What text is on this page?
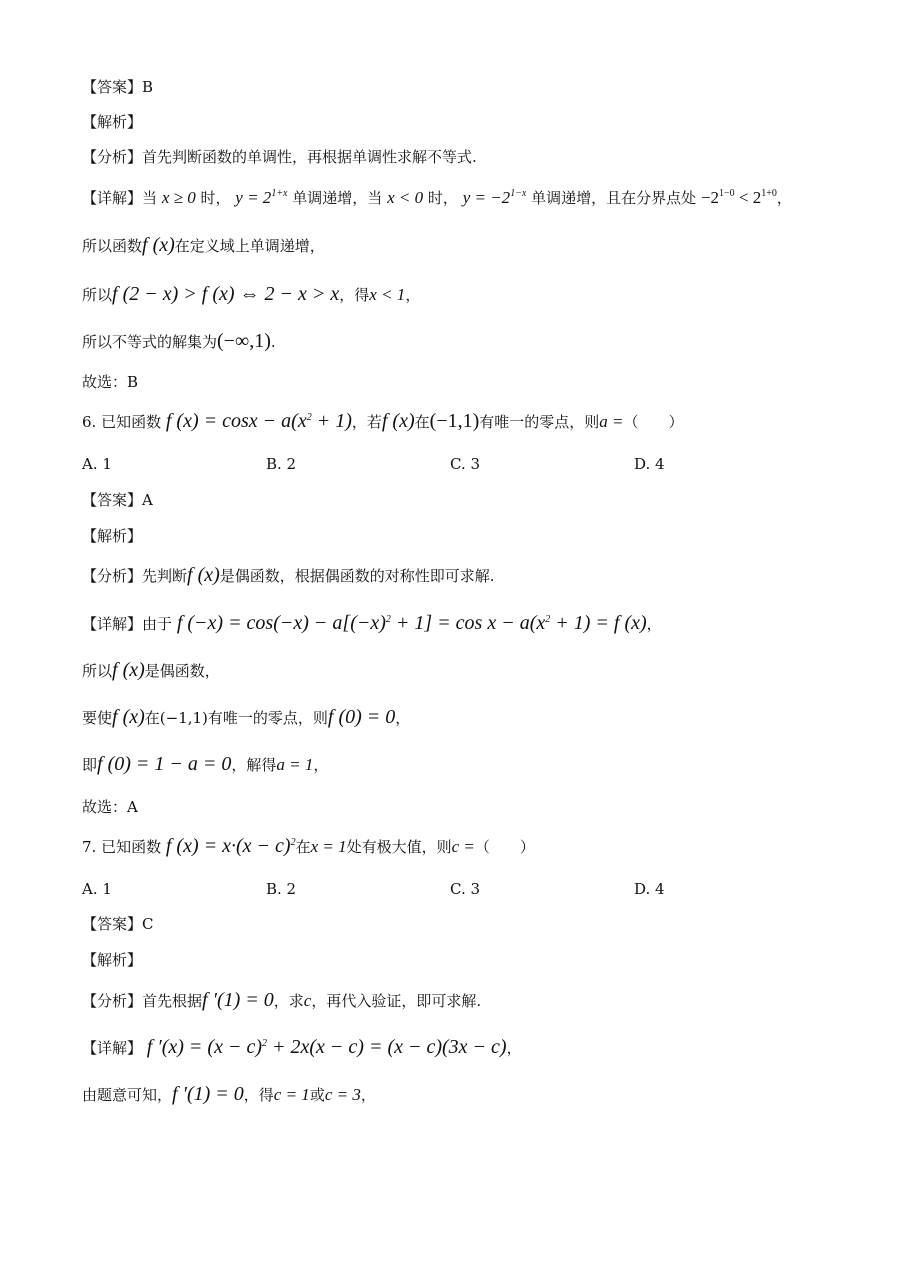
【答案】B
【解析】
【分析】首先判断函数的单调性，再根据单调性求解不等式.
【详解】当 x ≥ 0 时， $y = 2^{1+x}$ 单调递增，当 x < 0 时， $y = -2^{1-x}$ 单调递增，且在分界点处 $-2^{1-0} < 2^{1+0}$，
所以函数f (x)在定义域上单调递增，
所以f (2 − x) > f (x) ⇔ 2 − x > x，得x < 1，
所以不等式的解集为(−∞,1).
故选：B
6. 已知函数 f $(x) = \cos x - a(x^2 + 1)$，若f (x)在(−1,1)有唯一的零点，则a =（　　）
A. 1	B. 2	C. 3	D. 4
【答案】A
【解析】
【分析】先判断f (x)是偶函数，根据偶函数的对称性即可求解.
【详解】由于 f $(-x) = \cos(-x) - a[(-x)^2 + 1] = \cos x - a(x^2 + 1) = f$ (x)，
所以f (x)是偶函数，
要使f (x)在(−1,1)有唯一的零点，则f (0) = 0，
即f (0) = 1 − a = 0，解得a = 1，
故选：A
7. 已知函数 f $(x) = x\cdot(x - c)^2$在x = 1处有极大值，则c =（　　）
A. 1	B. 2	C. 3	D. 4
【答案】C
【解析】
【分析】首先根据f ′(1) = 0，求c，再代入验证，即可求解.
【详解】 f $'(x) = (x - c)^2 + 2x(x - c) = (x - c)(3x - c)$，
由题意可知，f ′(1) = 0，得c = 1或c = 3，
